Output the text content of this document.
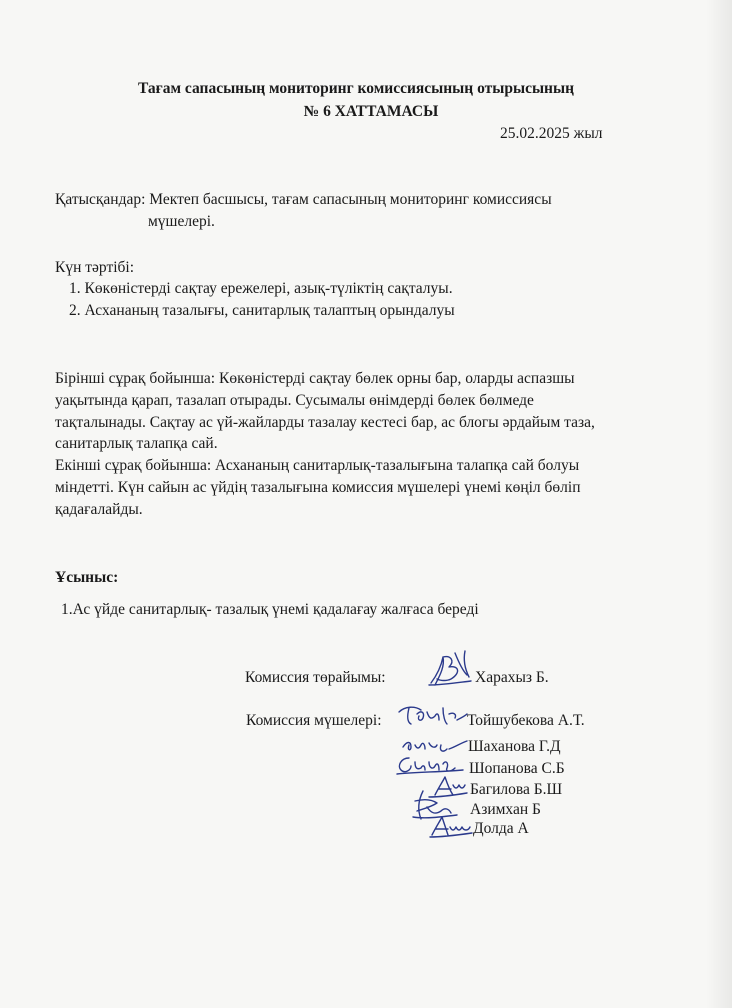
Тағам сапасының мониторинг комиссиясының отырысының
№ 6 ХАТТАМАСЫ
25.02.2025 жыл
Қатысқандар: Мектеп басшысы, тағам сапасының мониторинг комиссиясы
мүшелері.
Күн тәртібі:
1. Көкөністерді сақтау ережелері, азық-түліктің сақталуы.
2. Асхананың тазалығы, санитарлық талаптың орындалуы
Бірінші сұрақ бойынша: Көкөністерді сақтау бөлек орны бар, оларды аспазшы
уақытында қарап, тазалап отырады. Сусымалы өнімдерді бөлек бөлмеде
тақталынады. Сақтау ас үй-жайларды тазалау кестесі бар, ас блогы әрдайым таза,
санитарлық талапқа сай.
Екінші сұрақ бойынша: Асхананың санитарлық-тазалығына талапқа сай болуы
міндетті. Күн сайын ас үйдің тазалығына комиссия мүшелері үнемі көңіл бөліп
қадағалайды.
Ұсыныс:
1.Ас үйде санитарлық- тазалық үнемі қадалағау жалғаса береді
Комиссия төрайымы:	Харахыз Б.
Комиссия мүшелері:	Тойшубекова А.Т.
Шаханова Г.Д
Шопанова С.Б
Багилова Б.Ш
Азимхан Б
Долда А
